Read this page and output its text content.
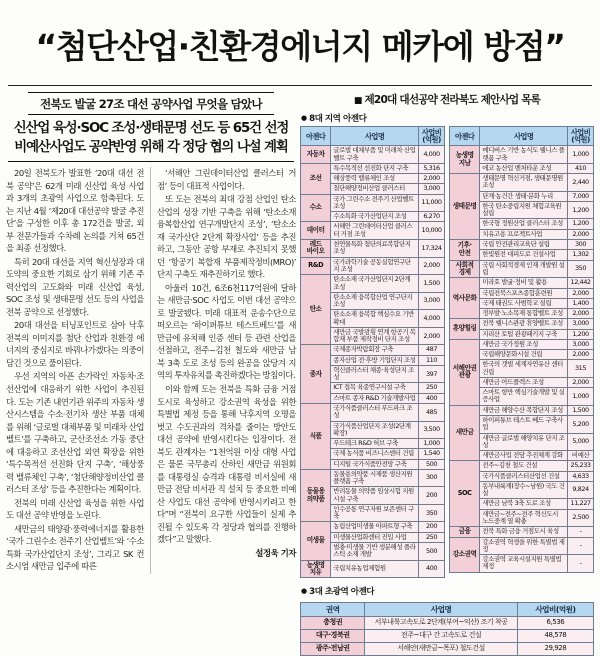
“첨단산업·친환경에너지 메카에 방점”
전북도 발굴 27조 대선 공약사업 무엇을 담았나
신산업 육성·SOC 조성·생태문명 선도 등 65건 선정
비예산사업도 공약반영 위해 각 정당 협의 나설 계획

20일 전북도가 발표한 ‘20대 대선 전북 공약’은 62개 미래 신산업 육성 사업과 3개의 초광역 사업으로 함축된다. 도는 지난 4월 ‘제20대 대선공약 발굴 추진단’을 구성한 이후 총 172건을 발굴, 외부 전문가들과 수차례 논의를 거쳐 65건을 최종 선정했다.

특히 20대 대선을 지역 혁신성장과 대도약의 중요한 기회로 삼기 위해 기존 주력산업의 고도화와 미래 신산업 육성, SOC 조성 및 생태문명 선도 등의 사업을 전북 공약으로 선정했다.

20대 대선을 터닝포인트로 삼아 낙후 전북의 이미지를 첨단 산업과 친환경 에너지의 중심지로 바꿔나가겠다는 의중이 담긴 것으로 풀이된다.

우선 지역의 아픈 손가락인 자동차·조선산업에 대응하기 위한 사업이 추진된다. 도는 기존 내연기관 위주의 자동차 생산시스템을 수소·전기차 생산 부품 대체를 위해 ‘글로벌 대체부품 및 미래차 산업벨트’를 구축하고, 군산조선소 가동 중단에 대응하고 조선산업 외연 확장을 위한 ‘특수목적선 선진화 단지 구축’, ‘해상풍력 밸류체인 구축’, ‘첨단해양정비산업 클러스터 조성’ 등을 추진한다는 계획이다.

전북의 미래 신산업 육성을 위한 사업도 대선 공약 반영을 노린다.

새만금의 태양광·풍력에너지를 활용한 ‘국가 그린수소 전주기 산업벨트’와 ‘수소특화 국가산업단지 조성’, 그리고 SK 컨소시엄 새만금 입주에 따른

‘서해안 그린데이터산업 클러스터 거점’ 등이 대표적 사업이다.

또 도는 전북의 최대 강점 산업인 탄소산업의 성장 기반 구축을 위해 ‘탄소소재 융복합산업 연구개발단지 조성’, ‘탄소소재 국가산단 2단계 확장사업’ 등을 추진하고, 그동안 공항 부재로 추진되지 못했던 ‘항공기 복합재 부품제작정비(MRO)’ 단지 구축도 재추진하기로 했다.

아울러 10건, 6조6천117억원에 달하는 새만금·SOC 사업도 이번 대선 공약으로 발굴됐다. 미래 대표적 운송수단으로 떠오르는 ‘하이퍼튜브 테스트베드’를 새만금에 유치해 인증 센터 등 관련 산업을 선점하고, 전주~김천 철도와 새만금 남북 3축 도로 조성 등의 완공을 앉당겨 지역의 투자유치를 촉진하겠다는 방침이다.

이와 함께 도는 전북을 특화 금융 거점도시로 육성하고 강소권역 육성을 위한 특별법 제정 등을 통해 낙후지역 오명을 벗고 수도권과의 격차를 줄이는 방안도 대선 공약에 반영시킨다는 입장이다. 전북도 관계자는 “1천억원 이상 대형 사업은 물론 국무총리 산하인 새만금 위원회를 대통령실 승격과 대통령 비서실에 새만금 전담 비서관 직 설치 등 중요한 비예산 사업도 대선 공약에 반영시키려고 한다”며 “전북이 요구한 사업들이 실제 추진될 수 있도록 각 정당과 협의를 진행하겠다”고 말했다.

설정욱 기자
■ 제20대 대선공약 전라북도 제안사업 목록
● 8대 지역 아젠다
아젠다	사업명	사업비
(억원)
자동차	글로벌 대체부품 및 미래차 산업벨트 구축	4,000
조선	특수목적선 선진화 단지 구축	5,316
	해상풍력 밸류체인 조성	2,000
	첨단해양정비산업 클러스터	3,000
수소	국가 그린수소 전주기 산업벨트 조성	11,000
	수소특화 국가산업단지 조성	6,270
데이터	서해안 그린데이터산업 클러스터 거점 조성	10,000
레드
바이오	천연물특화 첨단의료복합단지 조성	17,324
R&D	국가과학기술 공동실험연구단지 조성	2,000
탄소	탄소소재 국가산업단지 2단계 조성	1,500
	탄소소재 융복합산업 연구단지 조성	3,000
	탄소소재 융복합 핵심수요 기반 확대	4,000
	새만금 국발광횡 연계 항공기 복합재 부품 제작정비 단지 조성	2,000
종자	국제종자박람회장 구축	487
	종자산업 전·후방 기업단지 조성	110
	혁신클러스터 채종·육성단지 조성	397
	ICT 접목 육종연구시설 구축	250
	스마트 종자 R&D 기술개발사업	400
식품	국가식품클러스터 푸드파크 조성	485
	국가식품산업단지 조성(2단계 확장)	3,500
	푸드테크 R&D 허브 구축	1,000
	국제 농식품 비즈니스센터 건립	1,540
	디지털 국가식품안전망 구축	500
동물용
의약품	동물용의약품 시제품 생산지원 플랫폼 구축	300
	반려동물 의약품 임상시험 지원시설 구축	200
	인수공통 연구자원 보존센터 구축	350
미생물	농림산업미생물 아파트형 구축	200
	미생물산업화센터 진입 사업	250
	벌충·미생물 기반 생분해성 플라스틱 소재 개발	500
농생명
치유	국립치유농업체험원	400
아젠다	사업명	사업비
(억원)
농생명
지남	메디버스 기반 농식도 웰니스 플랫폼 구축	1,000
	에코 농산업 벤처타운 조성	410
생태문명	생태문명 혁신거점, 생태문명원 조성	2,440
	단계·농건간 생태·분화 누리	7,000
	한국 탄소중립지원 체험교육원 설립	1,200
	한국형 정원산업 클러스터 조성	1,200
	치유고용 프로젝트사업	2,000
기후·
안전	국립 안전관리교육단 설립	300
	한빛원전 대피도로 건설사업	1,302
사회적
경제	국립 사회적경제 인재 개발원 설립	350
역사문화	미라호 발굴·정비 및 활용	12,442
	국립전북스포츠종합훈련원	2,000
	국제 태권도 사범학교 설립	1,400
	정부발·노소목재 통합벨트 조성	2,000
휴양힐링	전북 웰니스관광 휴양벨트 조성	3,000
	지리산 토털 관광패키지 구축	1,200
서해안권
관광	새만금 국가정원 조성	3,000
	국립해양문화시설 건립	2,000
	한국의 갯벌 세계자연유산 센터 건립	315
	새만금 아드플렉스 조성	2,000
	스마트 항만 핵심기술개발 및 실증사업	1,000
새만금	새만금 해양수산 복합단지 조성	1,500
	하이퍼튜브 테스트 베드 구축사업	5,200
	새만금 글로벌 해양치유 단지 조성	5,000
	새만금사업 전담 추진체계 강화	비예산
SOC	전주~김천 철도 건설	25,233
	국가식품클러스터산업선 건설	4,633
	동부내륙계(장수~남원) 국도 건설	9,824
	새만금 남북 3축 도로 조성	11,227
	새만금~전주~전주 혁신도시 노드중계 열 확충	2,500
금융	전북 특화 금융 거점도시 육성	-
강소권역	강소권역 혁생을 위한 특별법 제정	-
	강소권역 교육시설지원 특별법 제정	-
● 3대 초광역 아젠다
권역	사업명	사업비(억원)
충청권	서부내륙고속도로 2단계(부여~익산) 조기 착공	6,536
대구·경북권	전주~대구 간 고속도로 건설	48,578
광주·전남권	서해안(새만금~목포) 철도건설	29,928
